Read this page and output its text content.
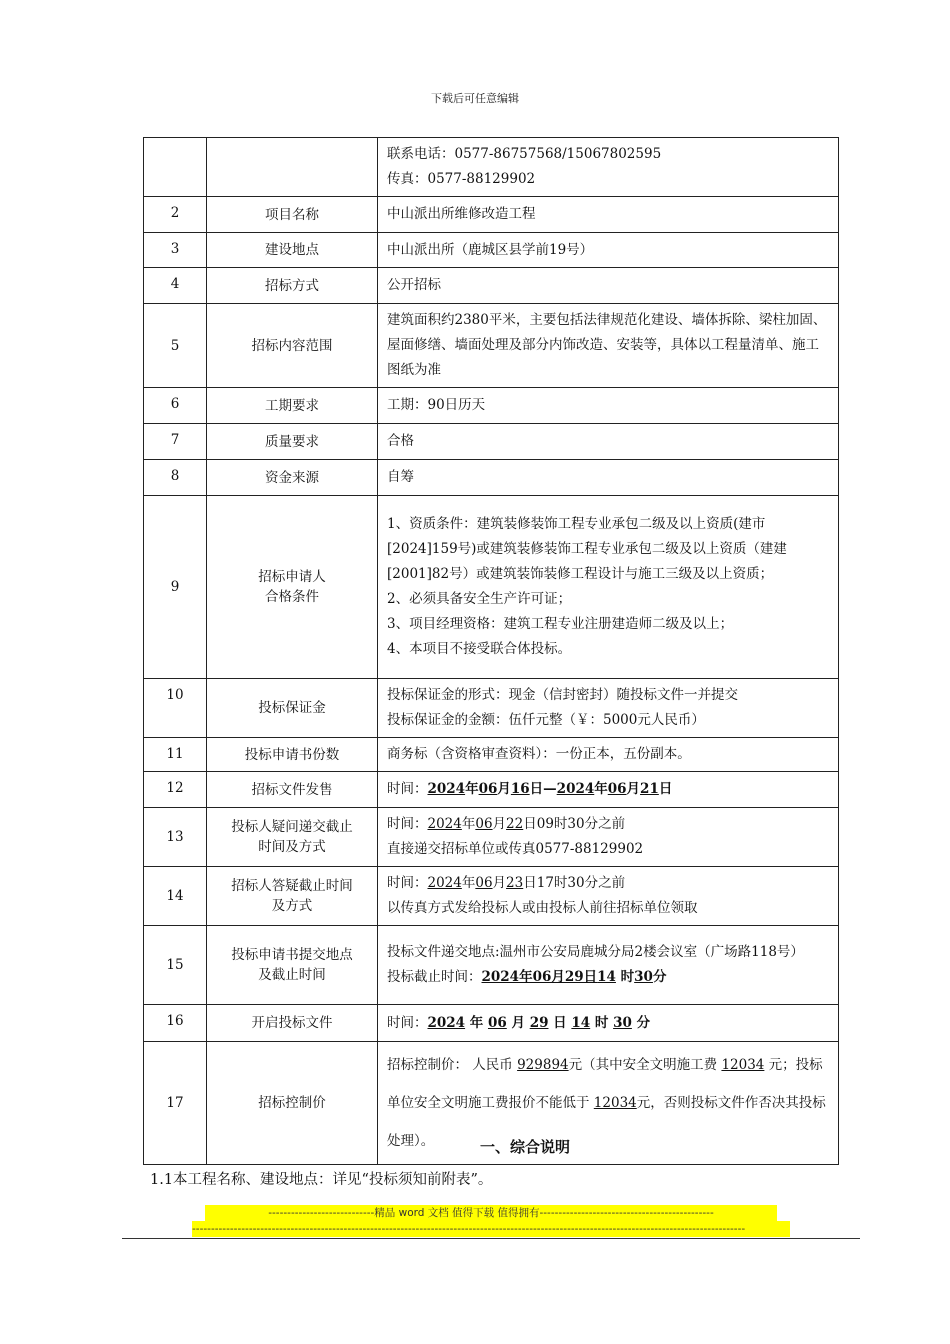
下载后可任意编辑

		联系电话：0577-86757568/15067802595
传真：0577-88129902

2	项目名称	中山派出所维修改造工程
3	建设地点	中山派出所（鹿城区县学前19号）
4	招标方式	公开招标
5	招标内容范围	建筑面积约2380平米，主要包括法律规范化建设、墙体拆除、梁柱加固、屋面修缮、墙面处理及部分内饰改造、安装等，具体以工程量清单、施工图纸为准
6	工期要求	工期：90日历天
7	质量要求	合格
8	资金来源	自筹
9	招标申请人
合格条件	1、资质条件：建筑装修装饰工程专业承包二级及以上资质(建市[2024]159号)或建筑装修装饰工程专业承包二级及以上资质（建建[2001]82号）或建筑装饰装修工程设计与施工三级及以上资质；
2、必须具备安全生产许可证；
3、项目经理资格：建筑工程专业注册建造师二级及以上；
4、本项目不接受联合体投标。

10	投标保证金	投标保证金的形式：现金（信封密封）随投标文件一并提交
投标保证金的金额：伍仟元整（￥：5000元人民币）

11	投标申请书份数	商务标（含资格审查资料）：一份正本，五份副本。
12	招标文件发售	时间：2024年06月16日—2024年06月21日
13	投标人疑问递交截止
时间及方式	时间：2024年06月22日09时30分之前
直接递交招标单位或传真0577-88129902

14	招标人答疑截止时间
及方式	时间：2024年06月23日17时30分之前
以传真方式发给投标人或由投标人前往招标单位领取

15	投标申请书提交地点
及截止时间	投标文件递交地点:温州市公安局鹿城分局2楼会议室（广场路118号）
投标截止时间：2024年06月29日14 时30分

16	开启投标文件	时间：2024 年 06 月 29 日 14 时 30 分
17	招标控制价	招标控制价： 人民币 929894元（其中安全文明施工费 12034 元；投标单位安全文明施工费报价不能低于 12034元，否则投标文件作否决其投标处理）。	一、综合说明
1.1本工程名称、建设地点：详见“投标须知前附表”。
----------------------------精品 word 文档 值得下载 值得拥有----------------------------------------------
--------------------------------------------------------------------------------------------------------------------------------------------------
